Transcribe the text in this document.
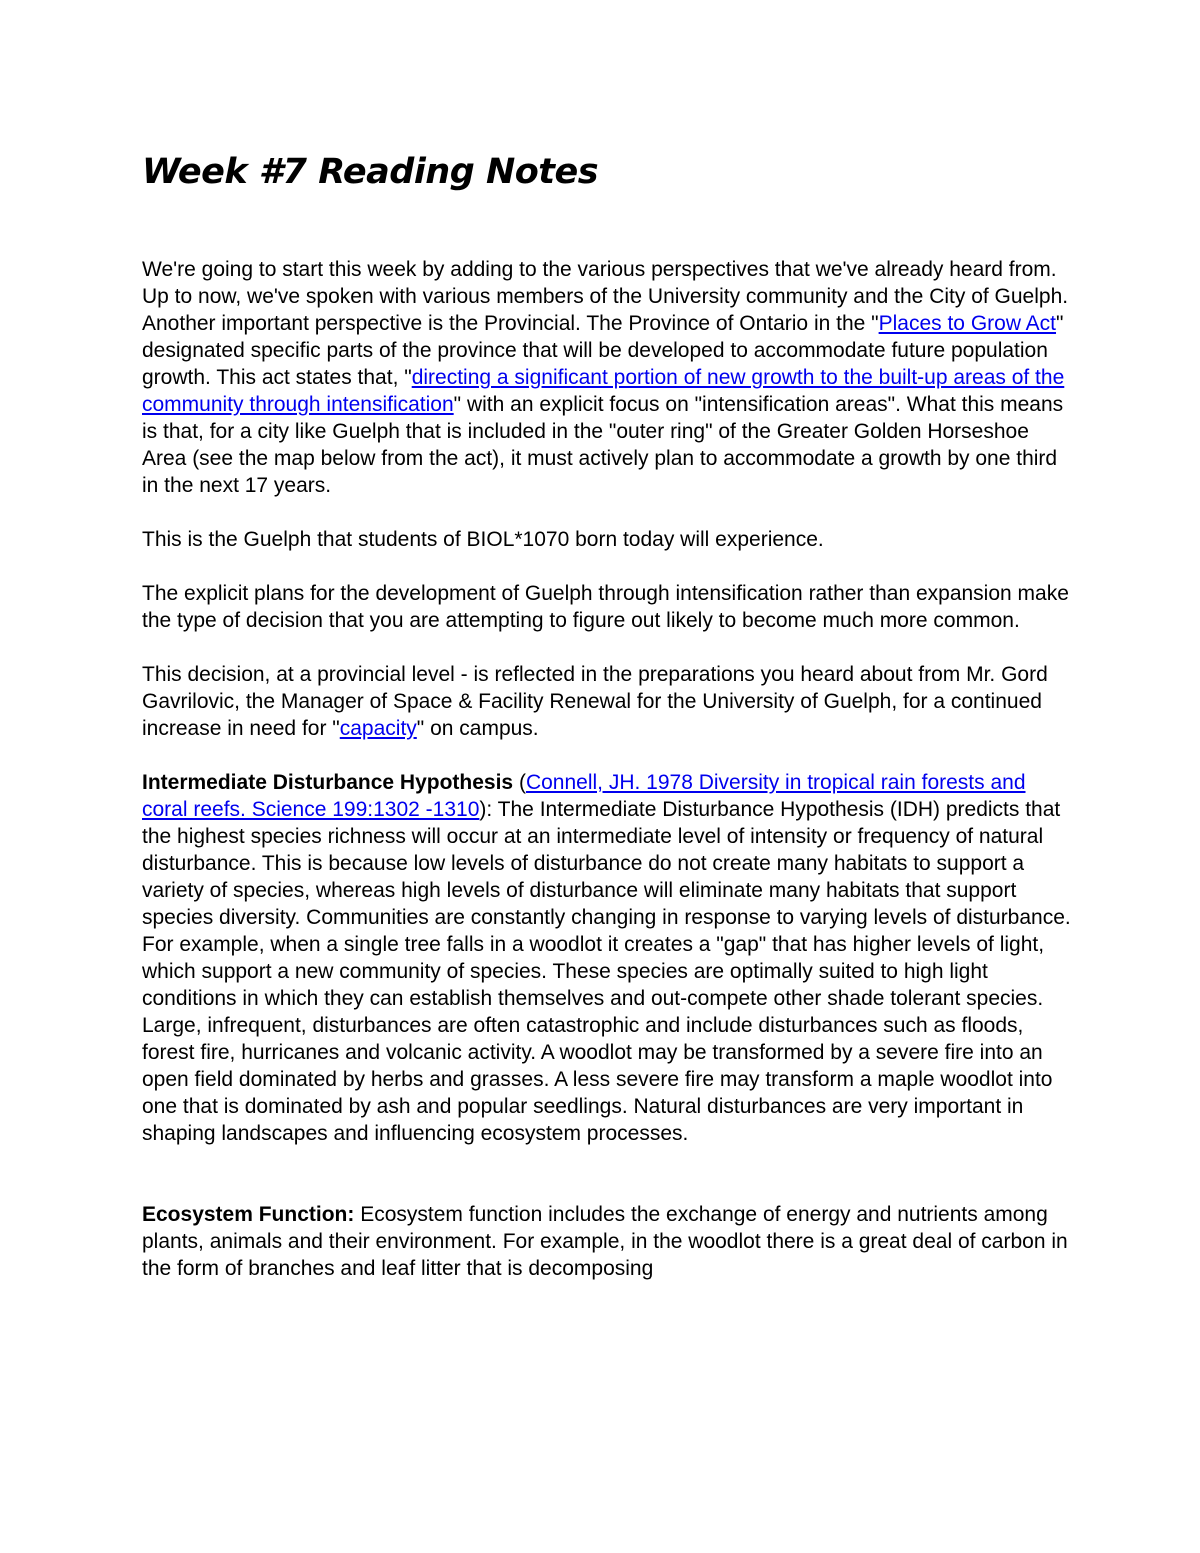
Week #7 Reading Notes

We're going to start this week by adding to the various perspectives that we've already heard from. Up to now, we've spoken with various members of the University community and the City of Guelph. Another important perspective is the Provincial. The Province of Ontario in the "Places to Grow Act" designated specific parts of the province that will be developed to accommodate future population growth. This act states that, "directing a significant portion of new growth to the built-up areas of the community through intensification" with an explicit focus on "intensification areas". What this means is that, for a city like Guelph that is included in the "outer ring" of the Greater Golden Horseshoe Area (see the map below from the act), it must actively plan to accommodate a growth by one third in the next 17 years.

This is the Guelph that students of BIOL*1070 born today will experience.

The explicit plans for the development of Guelph through intensification rather than expansion make the type of decision that you are attempting to figure out likely to become much more common.

This decision, at a provincial level - is reflected in the preparations you heard about from Mr. Gord Gavrilovic, the Manager of Space & Facility Renewal for the University of Guelph, for a continued increase in need for "capacity" on campus.

Intermediate Disturbance Hypothesis (Connell, JH. 1978 Diversity in tropical rain forests and coral reefs. Science 199:1302 -1310): The Intermediate Disturbance Hypothesis (IDH) predicts that the highest species richness will occur at an intermediate level of intensity or frequency of natural disturbance. This is because low levels of disturbance do not create many habitats to support a variety of species, whereas high levels of disturbance will eliminate many habitats that support species diversity. Communities are constantly changing in response to varying levels of disturbance. For example, when a single tree falls in a woodlot it creates a "gap" that has higher levels of light, which support a new community of species. These species are optimally suited to high light conditions in which they can establish themselves and out-compete other shade tolerant species. Large, infrequent, disturbances are often catastrophic and include disturbances such as floods, forest fire, hurricanes and volcanic activity. A woodlot may be transformed by a severe fire into an open field dominated by herbs and grasses. A less severe fire may transform a maple woodlot into one that is dominated by ash and popular seedlings. Natural disturbances are very important in shaping landscapes and influencing ecosystem processes.

Ecosystem Function: Ecosystem function includes the exchange of energy and nutrients among plants, animals and their environment. For example, in the woodlot there is a great deal of carbon in the form of branches and leaf litter that is decomposing
